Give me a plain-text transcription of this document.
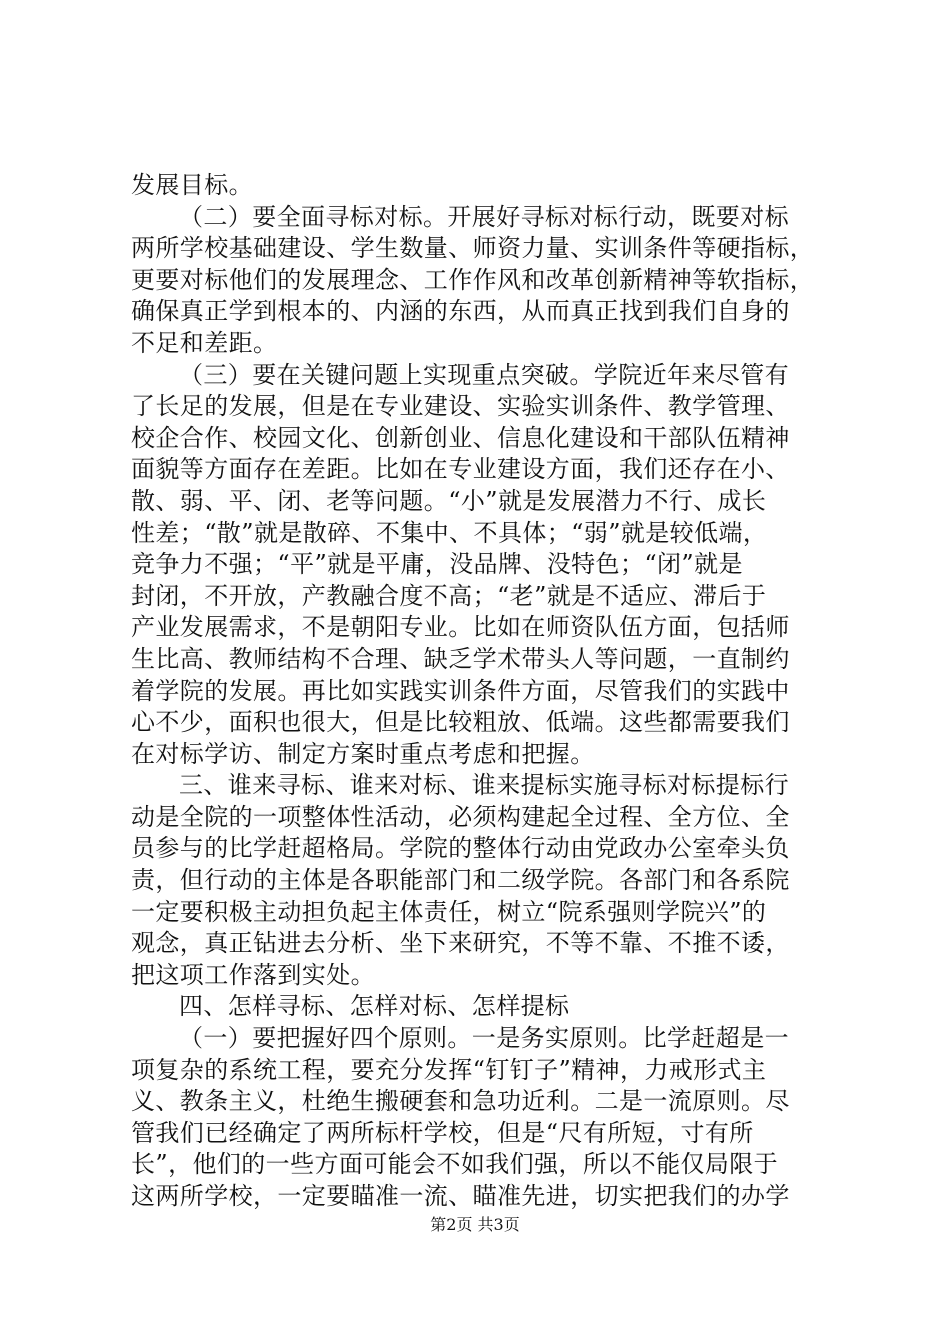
发展目标。
（二）要全面寻标对标。开展好寻标对标行动，既要对标
两所学校基础建设、学生数量、师资力量、实训条件等硬指标，
更要对标他们的发展理念、工作作风和改革创新精神等软指标，
确保真正学到根本的、内涵的东西，从而真正找到我们自身的
不足和差距。
（三）要在关键问题上实现重点突破。学院近年来尽管有
了长足的发展，但是在专业建设、实验实训条件、教学管理、
校企合作、校园文化、创新创业、信息化建设和干部队伍精神
面貌等方面存在差距。比如在专业建设方面，我们还存在小、
散、弱、平、闭、老等问题。“小”就是发展潜力不行、成长
性差；“散”就是散碎、不集中、不具体；“弱”就是较低端，
竞争力不强；“平”就是平庸，没品牌、没特色；“闭”就是
封闭，不开放，产教融合度不高；“老”就是不适应、滞后于
产业发展需求，不是朝阳专业。比如在师资队伍方面，包括师
生比高、教师结构不合理、缺乏学术带头人等问题，一直制约
着学院的发展。再比如实践实训条件方面，尽管我们的实践中
心不少，面积也很大，但是比较粗放、低端。这些都需要我们
在对标学访、制定方案时重点考虑和把握。
三、谁来寻标、谁来对标、谁来提标实施寻标对标提标行
动是全院的一项整体性活动，必须构建起全过程、全方位、全
员参与的比学赶超格局。学院的整体行动由党政办公室牵头负
责，但行动的主体是各职能部门和二级学院。各部门和各系院
一定要积极主动担负起主体责任，树立“院系强则学院兴”的
观念，真正钻进去分析、坐下来研究，不等不靠、不推不诿，
把这项工作落到实处。
四、怎样寻标、怎样对标、怎样提标
（一）要把握好四个原则。一是务实原则。比学赶超是一
项复杂的系统工程，要充分发挥“钉钉子”精神，力戒形式主
义、教条主义，杜绝生搬硬套和急功近利。二是一流原则。尽
管我们已经确定了两所标杆学校，但是“尺有所短，寸有所
长”，他们的一些方面可能会不如我们强，所以不能仅局限于
这两所学校，一定要瞄准一流、瞄准先进，切实把我们的办学
第2页 共3页
